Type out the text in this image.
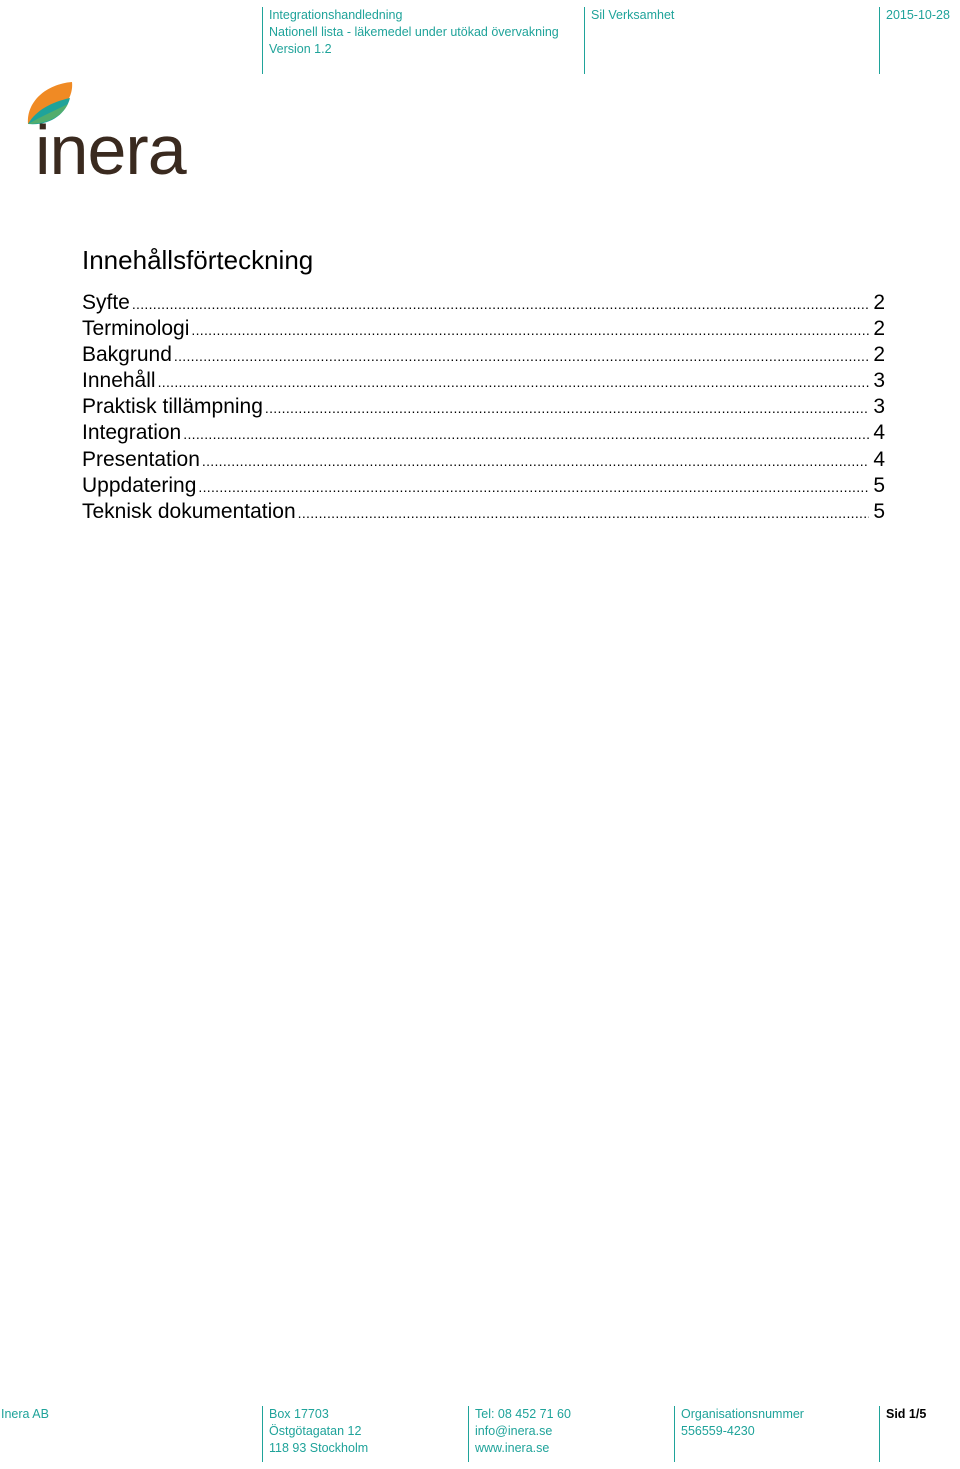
Integrationshandledning
Nationell lista - läkemedel under utökad övervakning
Version 1.2
Sil Verksamhet	2015-10-28
inera
Innehållsförteckning
Syfte .....	2
Terminologi .....	2
Bakgrund .....	2
Innehåll .....	3
Praktisk tillämpning .....	3
Integration .....	4
Presentation .....	4
Uppdatering .....	5
Teknisk dokumentation .....	5
Inera AB	Box 17703
Östgötagatan 12
118 93 Stockholm
Tel: 08 452 71 60
info@inera.se
www.inera.se
Organisationsnummer
556559-4230
Sid 1/5
